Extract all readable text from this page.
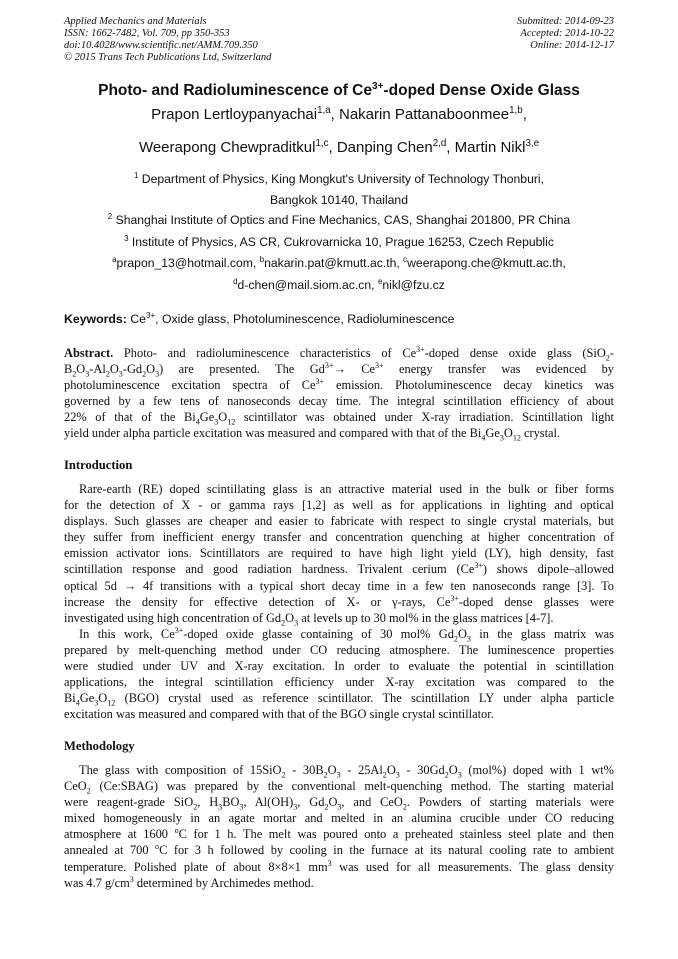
Applied Mechanics and Materials
ISSN: 1662-7482, Vol. 709, pp 350-353
doi:10.4028/www.scientific.net/AMM.709.350
© 2015 Trans Tech Publications Ltd, Switzerland
Submitted: 2014-09-23
Accepted: 2014-10-22
Online: 2014-12-17
Photo- and Radioluminescence of $Ce^{3+}$-doped Dense Oxide Glass
Prapon Lertloypanyachai$^{1,a}$, Nakarin Pattanaboonmee$^{1,b}$,
Weerapong Chewpraditkul$^{1,c}$, Danping Chen$^{2,d}$, Martin Nikl$^{3,e}$
$^1$ Department of Physics, King Mongkut's University of Technology Thonburi,
Bangkok 10140, Thailand
$^2$ Shanghai Institute of Optics and Fine Mechanics, CAS, Shanghai 201800, PR China
$^3$ Institute of Physics, AS CR, Cukrovarnicka 10, Prague 16253, Czech Republic
$^a$prapon_13@hotmail.com, $^b$nakarin.pat@kmutt.ac.th, $^c$weerapong.che@kmutt.ac.th,
$^d$d-chen@mail.siom.ac.cn, $^e$nikl@fzu.cz
Keywords: $Ce^{3+}$, Oxide glass, Photoluminescence, Radioluminescence
Abstract. Photo- and radioluminescence characteristics of $Ce^{3+}$-doped dense oxide glass (SiO$_2$-
$B_2O_3-Al_2O_3-Gd_2O_3$) are presented. The $Gd^{3+}\to Ce^{3+}$ energy transfer was evidenced by
photoluminescence excitation spectra of $Ce^{3+}$ emission. Photoluminescence decay kinetics was
governed by a few tens of nanoseconds decay time. The integral scintillation efficiency of about
22% of that of the $Bi_4Ge_3O_{12}$ scintillator was obtained under X-ray irradiation. Scintillation light
yield under alpha particle excitation was measured and compared with that of the $Bi_4Ge_3O_{12}$ crystal.
Introduction
Rare-earth (RE) doped scintillating glass is an attractive material used in the bulk or fiber forms
for the detection of X - or gamma rays [1,2] as well as for applications in lighting and optical
displays. Such glasses are cheaper and easier to fabricate with respect to single crystal materials, but
they suffer from inefficient energy transfer and concentration quenching at higher concentration of
emission activator ions. Scintillators are required to have high light yield (LY), high density, fast
scintillation response and good radiation hardness. Trivalent cerium $(Ce^{3+})$ shows dipole–allowed
optical 5d → 4f transitions with a typical short decay time in a few ten nanoseconds range [3]. To
increase the density for effective detection of X- or γ-rays, $Ce^{3+}$-doped dense glasses were
investigated using high concentration of $Gd_2O_3$ at levels up to 30 mol% in the glass matrices [4-7].
In this work, $Ce^{3+}$-doped oxide glasse containing of 30 mol% $Gd_2O_3$ in the glass matrix was
prepared by melt-quenching method under CO reducing atmosphere. The luminescence properties
were studied under UV and X-ray excitation. In order to evaluate the potential in scintillation
applications, the integral scintillation efficiency under X-ray excitation was compared to the
$Bi_4Ge_3O_{12}$ (BGO) crystal used as reference scintillator. The scintillation LY under alpha particle
excitation was measured and compared with that of the BGO single crystal scintillator.
Methodology
The glass with composition of $15SiO_2 - 30B_2O_3 - 25Al_2O_3 - 30Gd_2O_3$ (mol%) doped with 1 wt%
CeO$_2$ (Ce:SBAG) was prepared by the conventional melt-quenching method. The starting material
were reagent-grade SiO$_2$, $H_3BO_3$, $Al(OH)_3$, $Gd_2O_3$, and CeO$_2$. Powders of starting materials were
mixed homogeneously in an agate mortar and melted in an alumina crucible under CO reducing
atmosphere at 1600 $^o$C for 1 h. The melt was poured onto a preheated stainless steel plate and then
annealed at 700 $^o$C for 3 h followed by cooling in the furnace at its natural cooling rate to ambient
temperature. Polished plate of about 8×8×1 $mm^3$ was used for all measurements. The glass density
was 4.7 $g/cm^3$ determined by Archimedes method.
